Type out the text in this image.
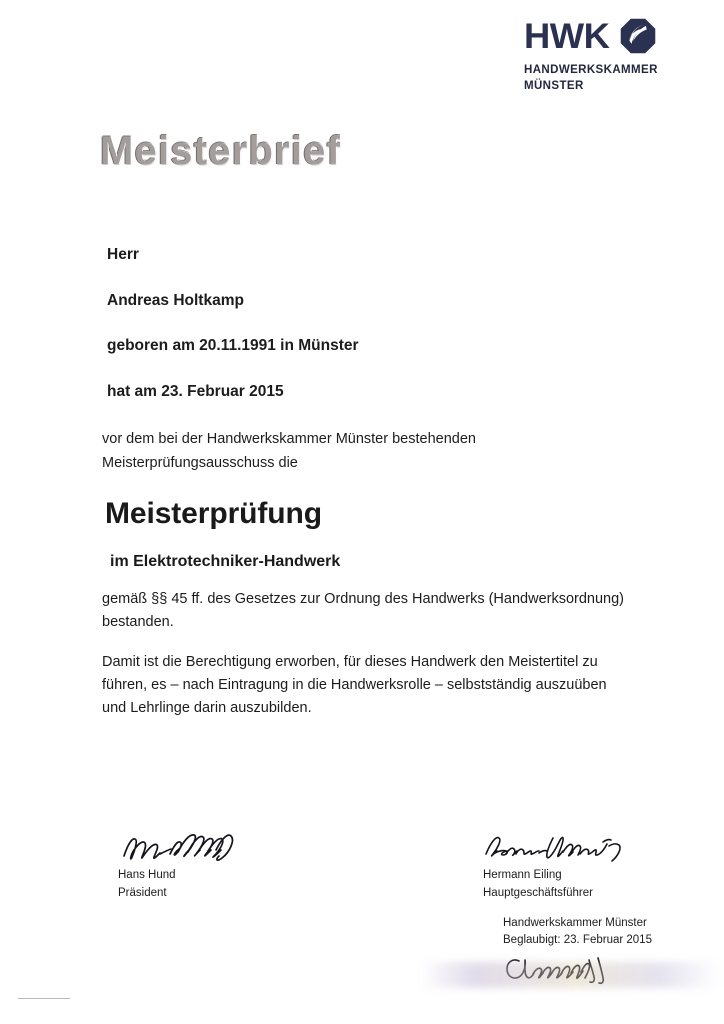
HWK
HANDWERKSKAMMER
MÜNSTER
Meisterbrief
Herr
Andreas Holtkamp
geboren am 20.11.1991 in Münster
hat am 23. Februar 2015
vor dem bei der Handwerkskammer Münster bestehenden
Meisterprüfungsausschuss die
Meisterprüfung
im Elektrotechniker-Handwerk
gemäß §§ 45 ff. des Gesetzes zur Ordnung des Handwerks (Handwerksordnung)
bestanden.
Damit ist die Berechtigung erworben, für dieses Handwerk den Meistertitel zu
führen, es – nach Eintragung in die Handwerksrolle – selbstständig auszuüben
und Lehrlinge darin auszubilden.
Hans Hund
Präsident
Hermann Eiling
Hauptgeschäftsführer
Handwerkskammer Münster
Beglaubigt: 23. Februar 2015
